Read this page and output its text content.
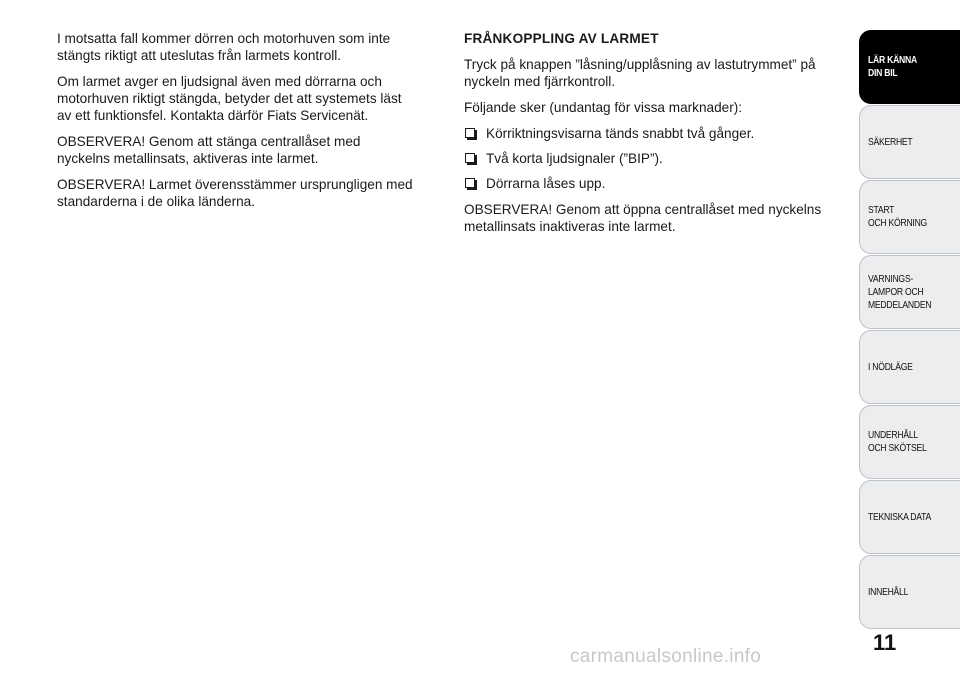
I motsatta fall kommer dörren och motorhuven som inte stängts riktigt att uteslutas från larmets kontroll.

Om larmet avger en ljudsignal även med dörrarna och motorhuven riktigt stängda, betyder det att systemets läst av ett funktionsfel. Kontakta därför Fiats Servicenät.

OBSERVERA! Genom att stänga centrallåset med nyckelns metallinsats, aktiveras inte larmet.

OBSERVERA! Larmet överensstämmer ursprungligen med standarderna i de olika länderna.

FRÅNKOPPLING AV LARMET

Tryck på knappen ”låsning/upplåsning av lastutrymmet” på nyckeln med fjärrkontroll.

Följande sker (undantag för vissa marknader):

Körriktningsvisarna tänds snabbt två gånger.
Två korta ljudsignaler (”BIP”).
Dörrarna låses upp.

OBSERVERA! Genom att öppna centrallåset med nyckelns metallinsats inaktiveras inte larmet.

LÄR KÄNNA
DIN BIL
SÄKERHET
START
OCH KÖRNING
VARNINGS-
LAMPOR OCH
MEDDELANDEN
I NÖDLÄGE
UNDERHÅLL
OCH SKÖTSEL
TEKNISKA DATA
INNEHÅLL
11
carmanualsonline.info
